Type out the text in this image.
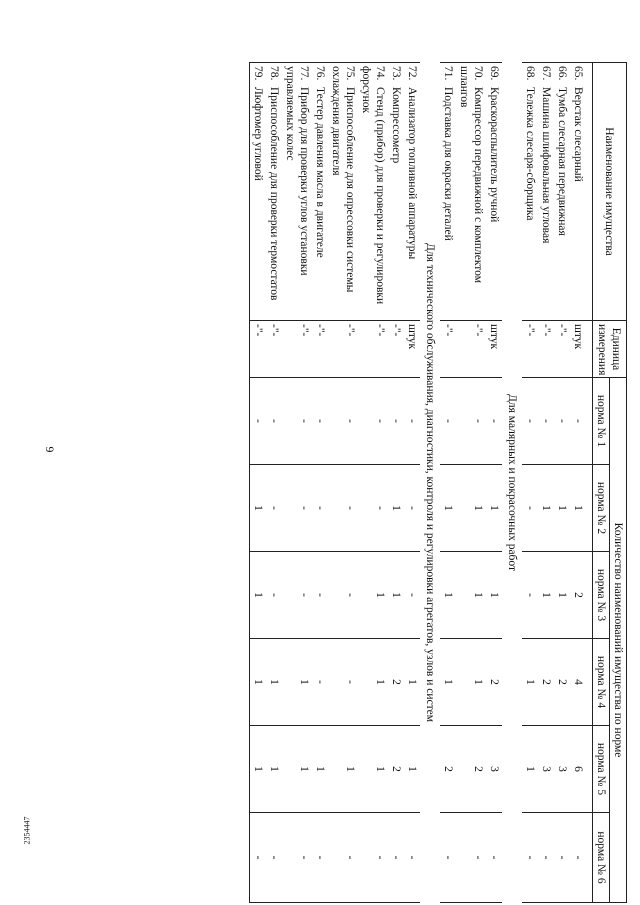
6
2354447
Наименование имущества	Единица измерения	Количество наименований имущества по норме					
		норма № 1	норма № 2	норма № 3	норма № 4	норма № 5	норма № 6

65.Верстак слесарный	штук	-	1	2	4	6	-
66.Тумба слесарная передвижная	-"-	-	1	1	2	3	-
67.Машина шлифовальная угловая	-"-	-	1	1	2	3	-
68.Тележка слесаря-сборщика	-"-	-	-	-	1	1	-
Для малярных и покрасочных работ							
69.Краскораспылитель ручной	штук	-	1	1	2	3	-
70.Компрессор передвижной с комплектом шлангов	-"-	-	1	1	1	2	-
71.Подставка для окраски деталей	-"-	-	1	1	1	2	-
Для технического обслуживания, диагностики, контроля и регулировки агрегатов, узлов и систем							
72.Анализатор топливной аппаратуры	штук	-	-	-	1	1	-
73.Компрессометр	-"-	-	1	1	2	2	-
74.Стенд (прибор) для проверки и регулировки форсунок	-"-	-	-	1	1	1	-
75.Приспособление для опрессовки системы охлаждения двигателя	-"-	-	-	-	-	1	-
76.Тестер давления масла в двигателе	-"-	-	-	-	-	1	-
77.Прибор для проверки углов установки управляемых колес	-"-	-	-	-	1	1	-
78.Приспособление для проверки термостатов	-"-	-	-	-	1	1	-
79.Люфтомер угловой	-"-	-	1	1	1	1	-
